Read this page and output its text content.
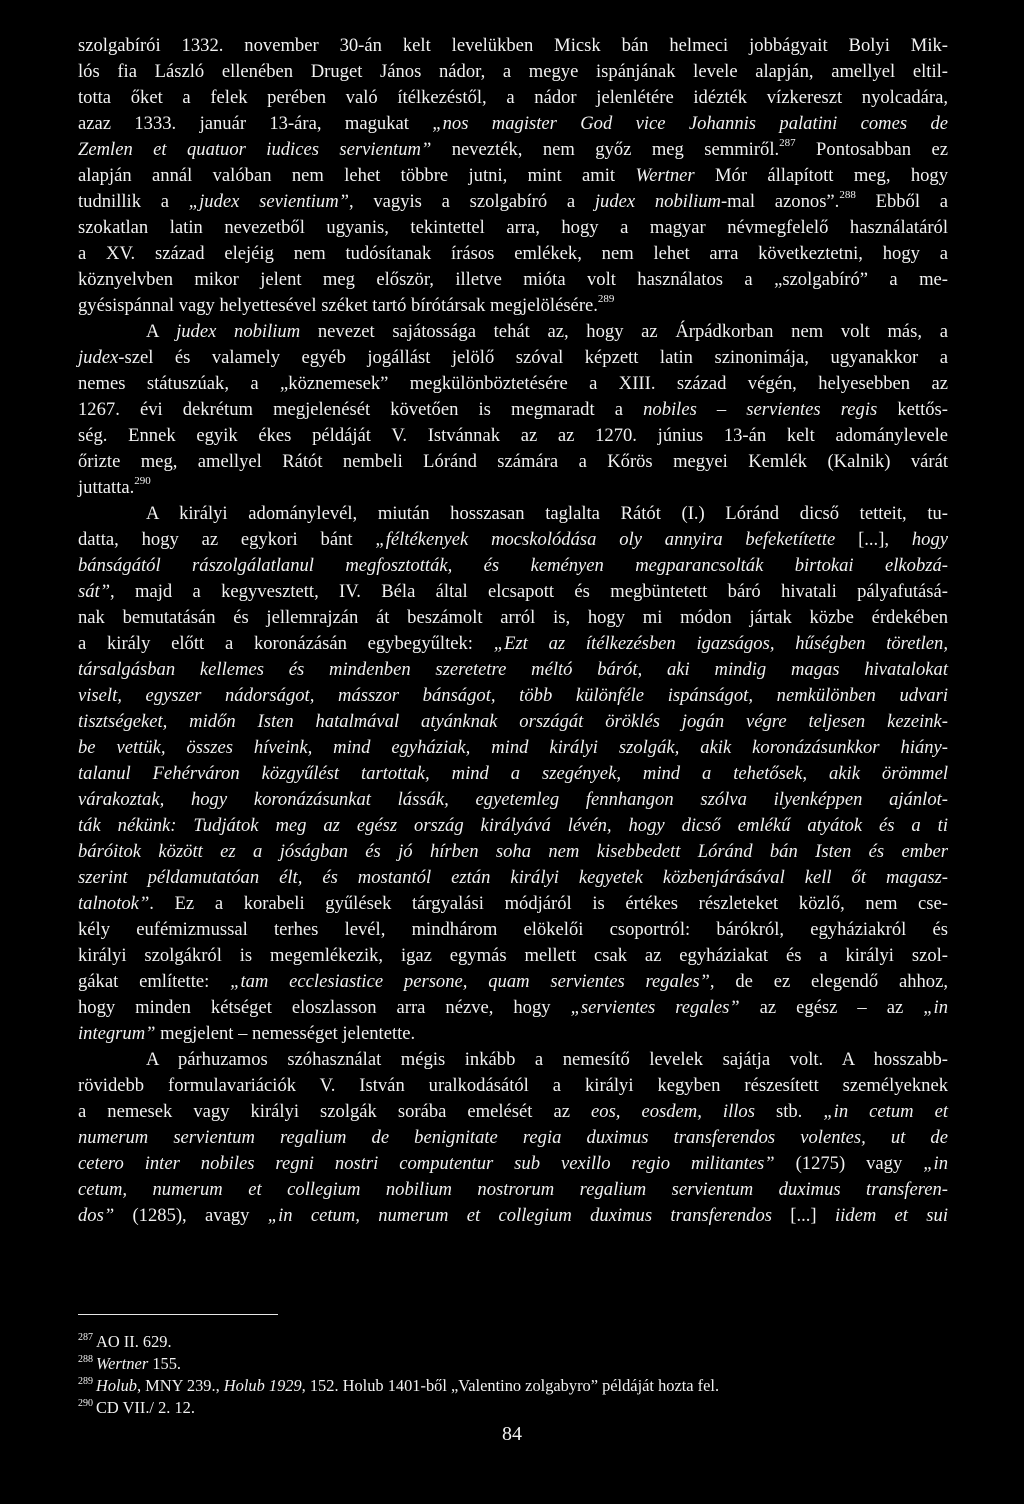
szolgabírói 1332. november 30-án kelt levelükben Micsk bán helmeci jobbágyait Bolyi Mik-
lós fia László ellenében Druget János nádor, a megye ispánjának levele alapján, amellyel eltil-
totta őket a felek perében való ítélkezéstől, a nádor jelenlétére idézték vízkereszt nyolcadára,
azaz 1333. január 13-ára, magukat „nos magister God vice Johannis palatini comes de
Zemlen et quatuor iudices servientum” nevezték, nem győz meg semmiről.$^{287}$ Pontosabban ez
alapján annál valóban nem lehet többre jutni, mint amit Wertner Mór állapított meg, hogy
tudnillik a „judex sevientium”, vagyis a szolgabíró a judex nobilium-mal azonos”.$^{288}$ Ebből a
szokatlan latin nevezetből ugyanis, tekintettel arra, hogy a magyar névmegfelelő használatáról
a XV. század elejéig nem tudósítanak írásos emlékek, nem lehet arra következtetni, hogy a
köznyelvben mikor jelent meg először, illetve mióta volt használatos a „szolgabíró” a me-
gyésispánnal vagy helyettesével széket tartó bírótársak megjelölésére.$^{289}$
A judex nobilium nevezet sajátossága tehát az, hogy az Árpádkorban nem volt más, a
judex-szel és valamely egyéb jogállást jelölő szóval képzett latin szinonimája, ugyanakkor a
nemes státuszúak, a „köznemesek” megkülönböztetésére a XIII. század végén, helyesebben az
1267. évi dekrétum megjelenését követően is megmaradt a nobiles – servientes regis kettős-
ség. Ennek egyik ékes példáját V. Istvánnak az az 1270. június 13-án kelt adománylevele
őrizte meg, amellyel Rátót nembeli Lóránd számára a Kőrös megyei Kemlék (Kalnik) várát
juttatta.$^{290}$
A királyi adománylevél, miután hosszasan taglalta Rátót (I.) Lóránd dicső tetteit, tu-
datta, hogy az egykori bánt „féltékenyek mocskolódása oly annyira befeketítette [...], hogy
bánságától rászolgálatlanul megfosztották, és keményen megparancsolták birtokai elkobzá-
sát”, majd a kegyvesztett, IV. Béla által elcsapott és megbüntetett báró hivatali pályafutásá-
nak bemutatásán és jellemrajzán át beszámolt arról is, hogy mi módon jártak közbe érdekében
a király előtt a koronázásán egybegyűltek: „Ezt az ítélkezésben igazságos, hűségben töretlen,
társalgásban kellemes és mindenben szeretetre méltó bárót, aki mindig magas hivatalokat
viselt, egyszer nádorságot, másszor bánságot, több különféle ispánságot, nemkülönben udvari
tisztségeket, midőn Isten hatalmával atyánknak országát öröklés jogán végre teljesen kezeink-
be vettük, összes híveink, mind egyháziak, mind királyi szolgák, akik koronázásunkkor hiány-
talanul Fehérváron közgyűlést tartottak, mind a szegények, mind a tehetősek, akik örömmel
várakoztak, hogy koronázásunkat lássák, egyetemleg fennhangon szólva ilyenképpen ajánlot-
ták nékünk: Tudjátok meg az egész ország királyává lévén, hogy dicső emlékű atyátok és a ti
báróitok között ez a jóságban és jó hírben soha nem kisebbedett Lóránd bán Isten és ember
szerint példamutatóan élt, és mostantól eztán királyi kegyetek közbenjárásával kell őt magasz-
talnotok”. Ez a korabeli gyűlések tárgyalási módjáról is értékes részleteket közlő, nem cse-
kély eufémizmussal terhes levél, mindhárom elökelői csoportról: bárókról, egyháziakról és
királyi szolgákról is megemlékezik, igaz egymás mellett csak az egyháziakat és a királyi szol-
gákat említette: „tam ecclesiastice persone, quam servientes regales”, de ez elegendő ahhoz,
hogy minden kétséget eloszlasson arra nézve, hogy „servientes regales” az egész – az „in
integrum” megjelent – nemességet jelentette.
A párhuzamos szóhasználat mégis inkább a nemesítő levelek sajátja volt. A hosszabb-
rövidebb formulavariációk V. István uralkodásától a királyi kegyben részesített személyeknek
a nemesek vagy királyi szolgák sorába emelését az eos, eosdem, illos stb. „in cetum et
numerum servientum regalium de benignitate regia duximus transferendos volentes, ut de
cetero inter nobiles regni nostri computentur sub vexillo regio militantes” (1275) vagy „in
cetum, numerum et collegium nobilium nostrorum regalium servientum duximus transferen-
dos” (1285), avagy „in cetum, numerum et collegium duximus transferendos [...] iidem et sui
$^{287}$ AO II. 629.
$^{288}$ Wertner 155.
$^{289}$ Holub, MNY 239., Holub 1929, 152. Holub 1401-ből „Valentino zolgabyro” példáját hozta fel.
$^{290}$ CD VII./ 2. 12.
84
